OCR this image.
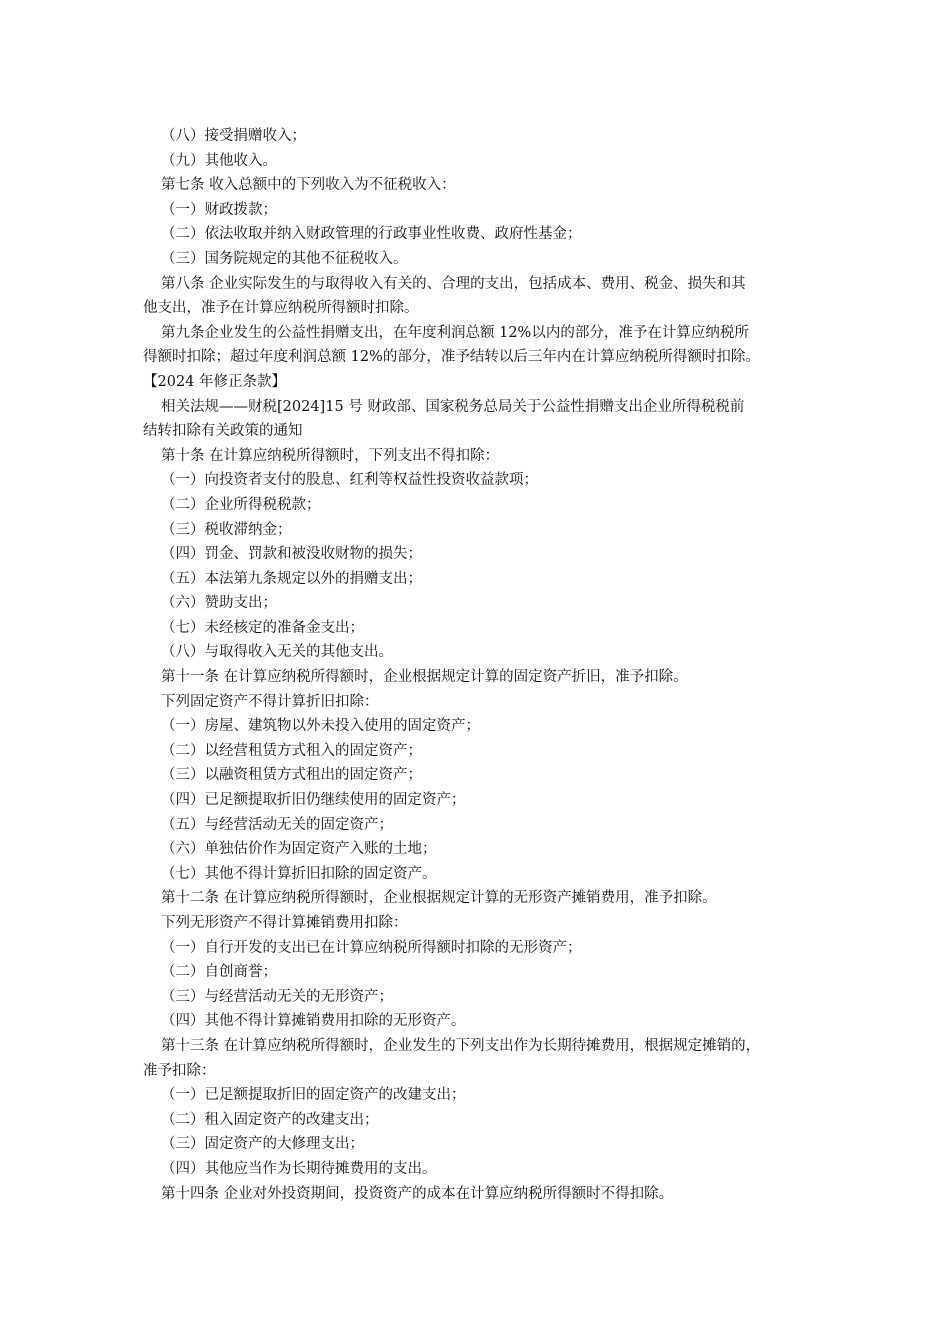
（八）接受捐赠收入；

（九）其他收入。

第七条 收入总额中的下列收入为不征税收入：

（一）财政拨款；

（二）依法收取并纳入财政管理的行政事业性收费、政府性基金；

（三）国务院规定的其他不征税收入。

第八条 企业实际发生的与取得收入有关的、合理的支出，包括成本、费用、税金、损失和其

他支出，准予在计算应纳税所得额时扣除。

第九条企业发生的公益性捐赠支出，在年度利润总额 12%以内的部分，准予在计算应纳税所

得额时扣除；超过年度利润总额 12%的部分，准予结转以后三年内在计算应纳税所得额时扣除。

【2024 年修正条款】

相关法规——财税[2024]15 号 财政部、国家税务总局关于公益性捐赠支出企业所得税税前

结转扣除有关政策的通知

第十条 在计算应纳税所得额时，下列支出不得扣除：

（一）向投资者支付的股息、红利等权益性投资收益款项；

（二）企业所得税税款；

（三）税收滞纳金；

（四）罚金、罚款和被没收财物的损失；

（五）本法第九条规定以外的捐赠支出；

（六）赞助支出；

（七）未经核定的准备金支出；

（八）与取得收入无关的其他支出。

第十一条 在计算应纳税所得额时，企业根据规定计算的固定资产折旧，准予扣除。

下列固定资产不得计算折旧扣除：

（一）房屋、建筑物以外未投入使用的固定资产；

（二）以经营租赁方式租入的固定资产；

（三）以融资租赁方式租出的固定资产；

（四）已足额提取折旧仍继续使用的固定资产；

（五）与经营活动无关的固定资产；

（六）单独估价作为固定资产入账的土地；

（七）其他不得计算折旧扣除的固定资产。

第十二条 在计算应纳税所得额时，企业根据规定计算的无形资产摊销费用，准予扣除。

下列无形资产不得计算摊销费用扣除：

（一）自行开发的支出已在计算应纳税所得额时扣除的无形资产；

（二）自创商誉；

（三）与经营活动无关的无形资产；

（四）其他不得计算摊销费用扣除的无形资产。

第十三条 在计算应纳税所得额时，企业发生的下列支出作为长期待摊费用，根据规定摊销的，

准予扣除：

（一）已足额提取折旧的固定资产的改建支出；

（二）租入固定资产的改建支出；

（三）固定资产的大修理支出；

（四）其他应当作为长期待摊费用的支出。

第十四条 企业对外投资期间，投资资产的成本在计算应纳税所得额时不得扣除。
